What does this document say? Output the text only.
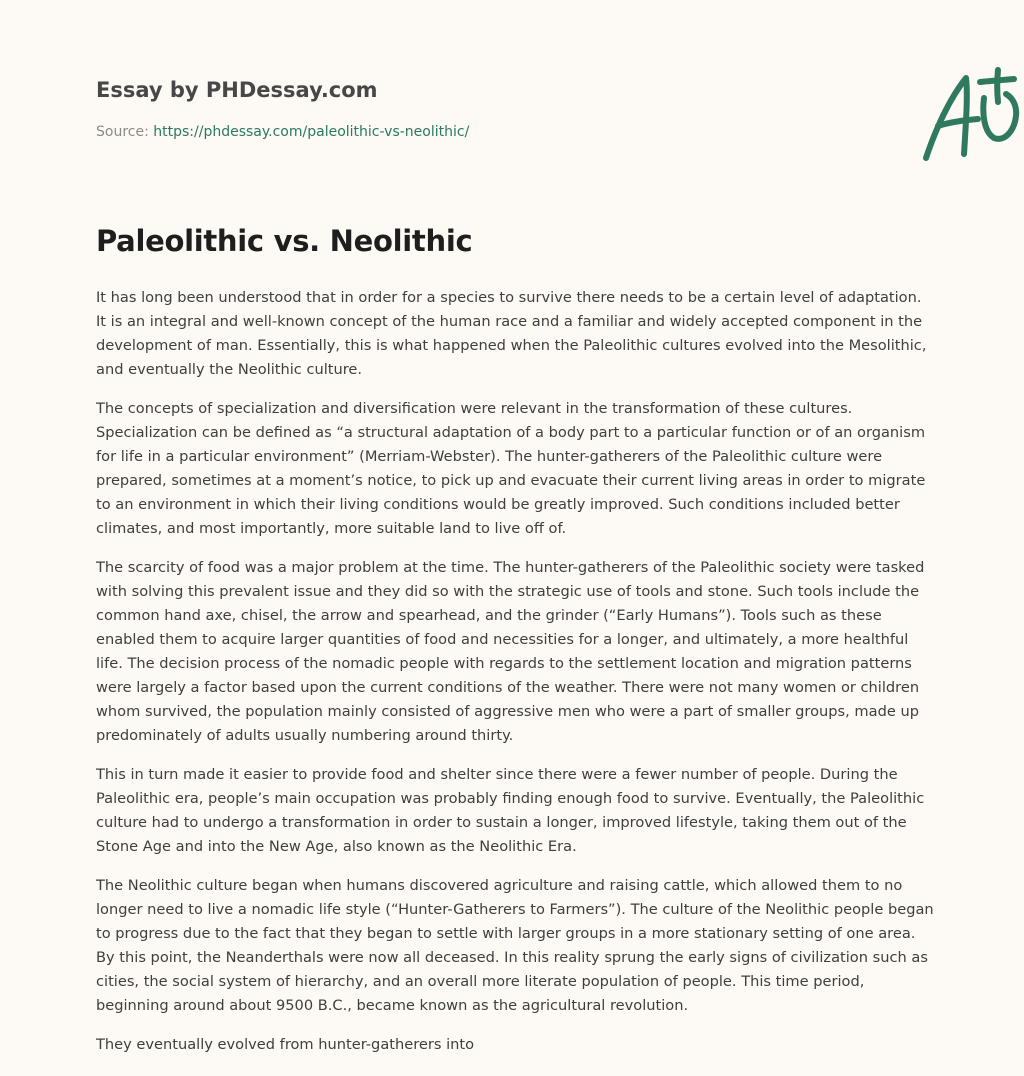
Essay by PHDessay.com
Source: https://phdessay.com/paleolithic-vs-neolithic/
Paleolithic vs. Neolithic

It has long been understood that in order for a species to survive there needs to be a certain level of adaptation. It is an integral and well-known concept of the human race and a familiar and widely accepted component in the development of man. Essentially, this is what happened when the Paleolithic cultures evolved into the Mesolithic, and eventually the Neolithic culture.

The concepts of specialization and diversification were relevant in the transformation of these cultures. Specialization can be defined as “a structural adaptation of a body part to a particular function or of an organism for life in a particular environment” (Merriam-Webster). The hunter-gatherers of the Paleolithic culture were prepared, sometimes at a moment’s notice, to pick up and evacuate their current living areas in order to migrate to an environment in which their living conditions would be greatly improved. Such conditions included better climates, and most importantly, more suitable land to live off of.

The scarcity of food was a major problem at the time. The hunter-gatherers of the Paleolithic society were tasked with solving this prevalent issue and they did so with the strategic use of tools and stone. Such tools include the common hand axe, chisel, the arrow and spearhead, and the grinder (“Early Humans”). Tools such as these enabled them to acquire larger quantities of food and necessities for a longer, and ultimately, a more healthful life. The decision process of the nomadic people with regards to the settlement location and migration patterns were largely a factor based upon the current conditions of the weather. There were not many women or children whom survived, the population mainly consisted of aggressive men who were a part of smaller groups, made up predominately of adults usually numbering around thirty.

This in turn made it easier to provide food and shelter since there were a fewer number of people. During the Paleolithic era, people’s main occupation was probably finding enough food to survive. Eventually, the Paleolithic culture had to undergo a transformation in order to sustain a longer, improved lifestyle, taking them out of the Stone Age and into the New Age, also known as the Neolithic Era.

The Neolithic culture began when humans discovered agriculture and raising cattle, which allowed them to no longer need to live a nomadic life style (“Hunter-Gatherers to Farmers”). The culture of the Neolithic people began to progress due to the fact that they began to settle with larger groups in a more stationary setting of one area. By this point, the Neanderthals were now all deceased. In this reality sprung the early signs of civilization such as cities, the social system of hierarchy, and an overall more literate population of people. This time period, beginning around about 9500 B.C., became known as the agricultural revolution.

They eventually evolved from hunter-gatherers into
